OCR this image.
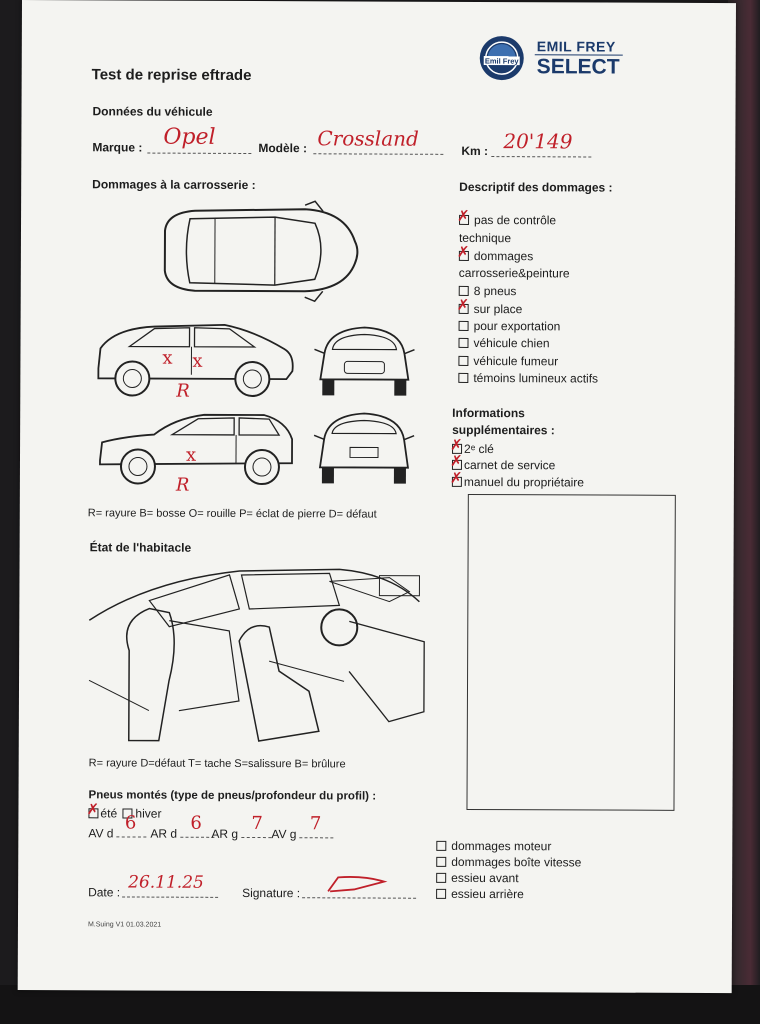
Emil Frey
EMIL FREY
SELECT
Test de reprise eftrade
Données du véhicule
Marque : Opel	Modèle : Crossland
Km : 20'149
Dommages à la carrosserie :
x x
R
x
R
R= rayure B= bosse O= rouille P= éclat de pierre D= défaut
Descriptif des dommages :
✗ pas de contrôle
technique
✗ dommages
carrosserie&peinture
8 pneus
✗ sur place
pour exportation
véhicule chien
véhicule fumeur
témoins lumineux actifs
Informations
supplémentaires :
✗ 2ᵉ clé
✗ carnet de service
✗ manuel du propriétaire
État de l'habitacle
R= rayure D=défaut T= tache S=salissure B= brûlure
Pneus montés (type de pneus/profondeur du profil) :
✗ été	hiver
AV d 6
AR d 6
AR g 7
AV g 7
dommages moteur
dommages boîte vitesse
essieu avant
essieu arrière
Date : 26.11.25
Signature :
M.Suing V1 01.03.2021
